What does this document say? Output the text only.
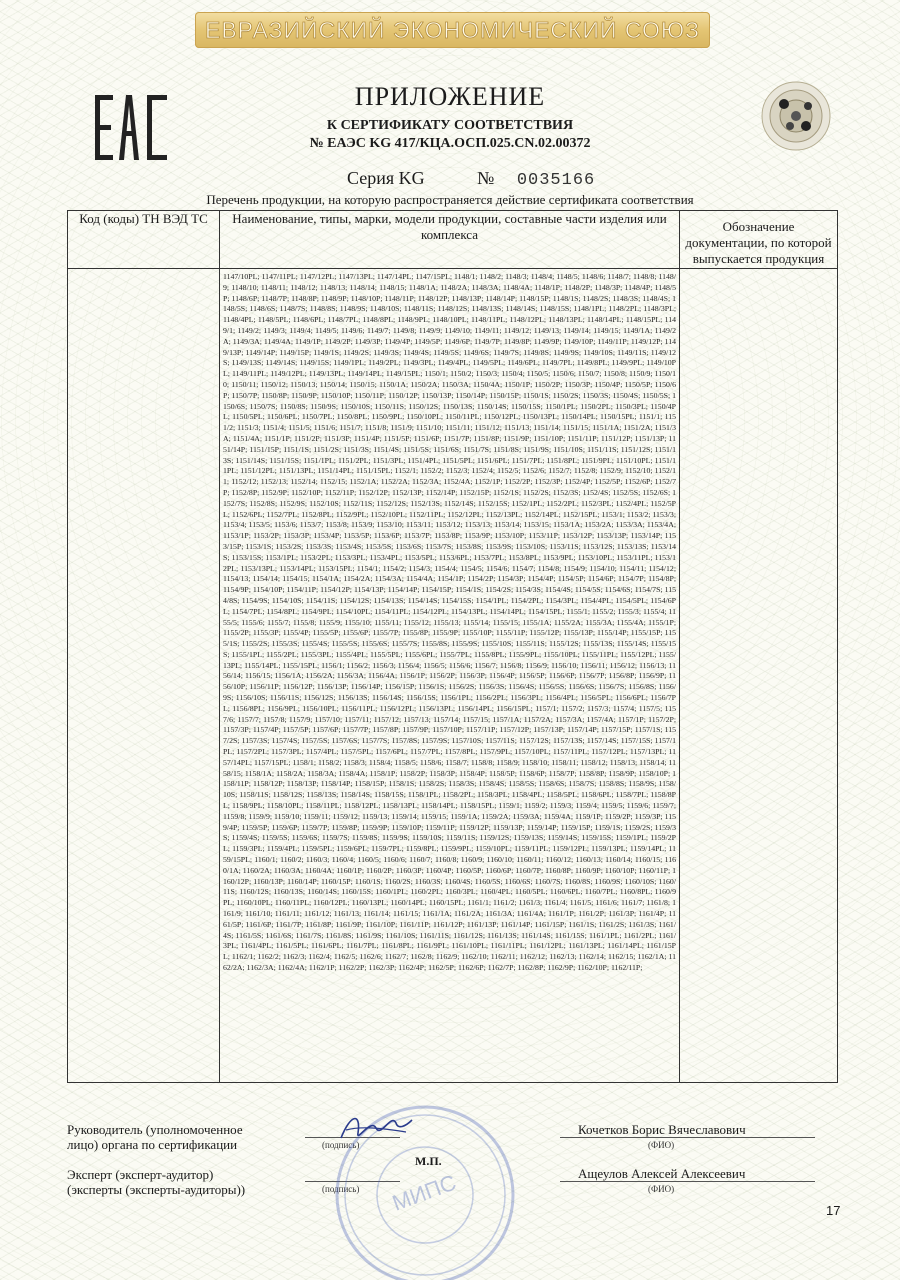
ЕВРАЗИЙСКИЙ ЭКОНОМИЧЕСКИЙ СОЮЗ
ПРИЛОЖЕНИЕ
К СЕРТИФИКАТУ СООТВЕТСТВИЯ
№ ЕАЭС KG 417/КЦА.ОСП.025.CN.02.00372
Серия KG	№ 0035166
Перечень продукции, на которую распространяется действие сертификата соответствия
Код (коды) ТН ВЭД ТС	Наименование, типы, марки, модели продукции, составные части изделия или комплекса	Обозначение документации, по которой выпускается продукция

	1147/10PL; 1147/11PL; 1147/12PL; 1147/13PL; 1147/14PL; 1147/15PL; 1148/1; 1148/2; 1148/3; 1148/4; 1148/5; 1148/6; 1148/7; 1148/8; 1148/9; 1148/10; 1148/11; 1148/12; 1148/13; 1148/14; 1148/15; 1148/1A; 1148/2A; 1148/3A; 1148/4A; 1148/1P; 1148/2P; 1148/3P; 1148/4P; 1148/5P; 1148/6P; 1148/7P; 1148/8P; 1148/9P; 1148/10P; 1148/11P; 1148/12P; 1148/13P; 1148/14P; 1148/15P; 1148/1S; 1148/2S; 1148/3S; 1148/4S; 1148/5S; 1148/6S; 1148/7S; 1148/8S; 1148/9S; 1148/10S; 1148/11S; 1148/12S; 1148/13S; 1148/14S; 1148/15S; 1148/1PL; 1148/2PL; 1148/3PL; 1148/4PL; 1148/5PL; 1148/6PL; 1148/7PL; 1148/8PL; 1148/9PL; 1148/10PL; 1148/11PL; 1148/12PL; 1148/13PL; 1148/14PL; 1148/15PL; 1149/1; 1149/2; 1149/3; 1149/4; 1149/5; 1149/6; 1149/7; 1149/8; 1149/9; 1149/10; 1149/11; 1149/12; 1149/13; 1149/14; 1149/15; 1149/1A; 1149/2A; 1149/3A; 1149/4A; 1149/1P; 1149/2P; 1149/3P; 1149/4P; 1149/5P; 1149/6P; 1149/7P; 1149/8P; 1149/9P; 1149/10P; 1149/11P; 1149/12P; 1149/13P; 1149/14P; 1149/15P; 1149/1S; 1149/2S; 1149/3S; 1149/4S; 1149/5S; 1149/6S; 1149/7S; 1149/8S; 1149/9S; 1149/10S; 1149/11S; 1149/12S; 1149/13S; 1149/14S; 1149/15S; 1149/1PL; 1149/2PL; 1149/3PL; 1149/4PL; 1149/5PL; 1149/6PL; 1149/7PL; 1149/8PL; 1149/9PL; 1149/10PL; 1149/11PL; 1149/12PL; 1149/13PL; 1149/14PL; 1149/15PL; 1150/1; 1150/2; 1150/3; 1150/4; 1150/5; 1150/6; 1150/7; 1150/8; 1150/9; 1150/10; 1150/11; 1150/12; 1150/13; 1150/14; 1150/15; 1150/1A; 1150/2A; 1150/3A; 1150/4A; 1150/1P; 1150/2P; 1150/3P; 1150/4P; 1150/5P; 1150/6P; 1150/7P; 1150/8P; 1150/9P; 1150/10P; 1150/11P; 1150/12P; 1150/13P; 1150/14P; 1150/15P; 1150/1S; 1150/2S; 1150/3S; 1150/4S; 1150/5S; 1150/6S; 1150/7S; 1150/8S; 1150/9S; 1150/10S; 1150/11S; 1150/12S; 1150/13S; 1150/14S; 1150/15S; 1150/1PL; 1150/2PL; 1150/3PL; 1150/4PL; 1150/5PL; 1150/6PL; 1150/7PL; 1150/8PL; 1150/9PL; 1150/10PL; 1150/11PL; 1150/12PL; 1150/13PL; 1150/14PL; 1150/15PL; 1151/1; 1151/2; 1151/3; 1151/4; 1151/5; 1151/6; 1151/7; 1151/8; 1151/9; 1151/10; 1151/11; 1151/12; 1151/13; 1151/14; 1151/15; 1151/1A; 1151/2A; 1151/3A; 1151/4A; 1151/1P; 1151/2P; 1151/3P; 1151/4P; 1151/5P; 1151/6P; 1151/7P; 1151/8P; 1151/9P; 1151/10P; 1151/11P; 1151/12P; 1151/13P; 1151/14P; 1151/15P; 1151/1S; 1151/2S; 1151/3S; 1151/4S; 1151/5S; 1151/6S; 1151/7S; 1151/8S; 1151/9S; 1151/10S; 1151/11S; 1151/12S; 1151/13S; 1151/14S; 1151/15S; 1151/1PL; 1151/2PL; 1151/3PL; 1151/4PL; 1151/5PL; 1151/6PL; 1151/7PL; 1151/8PL; 1151/9PL; 1151/10PL; 1151/11PL; 1151/12PL; 1151/13PL; 1151/14PL; 1151/15PL; 1152/1; 1152/2; 1152/3; 1152/4; 1152/5; 1152/6; 1152/7; 1152/8; 1152/9; 1152/10; 1152/11; 1152/12; 1152/13; 1152/14; 1152/15; 1152/1A; 1152/2A; 1152/3A; 1152/4A; 1152/1P; 1152/2P; 1152/3P; 1152/4P; 1152/5P; 1152/6P; 1152/7P; 1152/8P; 1152/9P; 1152/10P; 1152/11P; 1152/12P; 1152/13P; 1152/14P; 1152/15P; 1152/1S; 1152/2S; 1152/3S; 1152/4S; 1152/5S; 1152/6S; 1152/7S; 1152/8S; 1152/9S; 1152/10S; 1152/11S; 1152/12S; 1152/13S; 1152/14S; 1152/15S; 1152/1PL; 1152/2PL; 1152/3PL; 1152/4PL; 1152/5PL; 1152/6PL; 1152/7PL; 1152/8PL; 1152/9PL; 1152/10PL; 1152/11PL; 1152/12PL; 1152/13PL; 1152/14PL; 1152/15PL; 1153/1; 1153/2; 1153/3; 1153/4; 1153/5; 1153/6; 1153/7; 1153/8; 1153/9; 1153/10; 1153/11; 1153/12; 1153/13; 1153/14; 1153/15; 1153/1A; 1153/2A; 1153/3A; 1153/4A; 1153/1P; 1153/2P; 1153/3P; 1153/4P; 1153/5P; 1153/6P; 1153/7P; 1153/8P; 1153/9P; 1153/10P; 1153/11P; 1153/12P; 1153/13P; 1153/14P; 1153/15P; 1153/1S; 1153/2S; 1153/3S; 1153/4S; 1153/5S; 1153/6S; 1153/7S; 1153/8S; 1153/9S; 1153/10S; 1153/11S; 1153/12S; 1153/13S; 1153/14S; 1153/15S; 1153/1PL; 1153/2PL; 1153/3PL; 1153/4PL; 1153/5PL; 1153/6PL; 1153/7PL; 1153/8PL; 1153/9PL; 1153/10PL; 1153/11PL; 1153/12PL; 1153/13PL; 1153/14PL; 1153/15PL; 1154/1; 1154/2; 1154/3; 1154/4; 1154/5; 1154/6; 1154/7; 1154/8; 1154/9; 1154/10; 1154/11; 1154/12; 1154/13; 1154/14; 1154/15; 1154/1A; 1154/2A; 1154/3A; 1154/4A; 1154/1P; 1154/2P; 1154/3P; 1154/4P; 1154/5P; 1154/6P; 1154/7P; 1154/8P; 1154/9P; 1154/10P; 1154/11P; 1154/12P; 1154/13P; 1154/14P; 1154/15P; 1154/1S; 1154/2S; 1154/3S; 1154/4S; 1154/5S; 1154/6S; 1154/7S; 1154/8S; 1154/9S; 1154/10S; 1154/11S; 1154/12S; 1154/13S; 1154/14S; 1154/15S; 1154/1PL; 1154/2PL; 1154/3PL; 1154/4PL; 1154/5PL; 1154/6PL; 1154/7PL; 1154/8PL; 1154/9PL; 1154/10PL; 1154/11PL; 1154/12PL; 1154/13PL; 1154/14PL; 1154/15PL; 1155/1; 1155/2; 1155/3; 1155/4; 1155/5; 1155/6; 1155/7; 1155/8; 1155/9; 1155/10; 1155/11; 1155/12; 1155/13; 1155/14; 1155/15; 1155/1A; 1155/2A; 1155/3A; 1155/4A; 1155/1P; 1155/2P; 1155/3P; 1155/4P; 1155/5P; 1155/6P; 1155/7P; 1155/8P; 1155/9P; 1155/10P; 1155/11P; 1155/12P; 1155/13P; 1155/14P; 1155/15P; 1155/1S; 1155/2S; 1155/3S; 1155/4S; 1155/5S; 1155/6S; 1155/7S; 1155/8S; 1155/9S; 1155/10S; 1155/11S; 1155/12S; 1155/13S; 1155/14S; 1155/15S; 1155/1PL; 1155/2PL; 1155/3PL; 1155/4PL; 1155/5PL; 1155/6PL; 1155/7PL; 1155/8PL; 1155/9PL; 1155/10PL; 1155/11PL; 1155/12PL; 1155/13PL; 1155/14PL; 1155/15PL; 1156/1; 1156/2; 1156/3; 1156/4; 1156/5; 1156/6; 1156/7; 1156/8; 1156/9; 1156/10; 1156/11; 1156/12; 1156/13; 1156/14; 1156/15; 1156/1A; 1156/2A; 1156/3A; 1156/4A; 1156/1P; 1156/2P; 1156/3P; 1156/4P; 1156/5P; 1156/6P; 1156/7P; 1156/8P; 1156/9P; 1156/10P; 1156/11P; 1156/12P; 1156/13P; 1156/14P; 1156/15P; 1156/1S; 1156/2S; 1156/3S; 1156/4S; 1156/5S; 1156/6S; 1156/7S; 1156/8S; 1156/9S; 1156/10S; 1156/11S; 1156/12S; 1156/13S; 1156/14S; 1156/15S; 1156/1PL; 1156/2PL; 1156/3PL; 1156/4PL; 1156/5PL; 1156/6PL; 1156/7PL; 1156/8PL; 1156/9PL; 1156/10PL; 1156/11PL; 1156/12PL; 1156/13PL; 1156/14PL; 1156/15PL; 1157/1; 1157/2; 1157/3; 1157/4; 1157/5; 1157/6; 1157/7; 1157/8; 1157/9; 1157/10; 1157/11; 1157/12; 1157/13; 1157/14; 1157/15; 1157/1A; 1157/2A; 1157/3A; 1157/4A; 1157/1P; 1157/2P; 1157/3P; 1157/4P; 1157/5P; 1157/6P; 1157/7P; 1157/8P; 1157/9P; 1157/10P; 1157/11P; 1157/12P; 1157/13P; 1157/14P; 1157/15P; 1157/1S; 1157/2S; 1157/3S; 1157/4S; 1157/5S; 1157/6S; 1157/7S; 1157/8S; 1157/9S; 1157/10S; 1157/11S; 1157/12S; 1157/13S; 1157/14S; 1157/15S; 1157/1PL; 1157/2PL; 1157/3PL; 1157/4PL; 1157/5PL; 1157/6PL; 1157/7PL; 1157/8PL; 1157/9PL; 1157/10PL; 1157/11PL; 1157/12PL; 1157/13PL; 1157/14PL; 1157/15PL; 1158/1; 1158/2; 1158/3; 1158/4; 1158/5; 1158/6; 1158/7; 1158/8; 1158/9; 1158/10; 1158/11; 1158/12; 1158/13; 1158/14; 1158/15; 1158/1A; 1158/2A; 1158/3A; 1158/4A; 1158/1P; 1158/2P; 1158/3P; 1158/4P; 1158/5P; 1158/6P; 1158/7P; 1158/8P; 1158/9P; 1158/10P; 1158/11P; 1158/12P; 1158/13P; 1158/14P; 1158/15P; 1158/1S; 1158/2S; 1158/3S; 1158/4S; 1158/5S; 1158/6S; 1158/7S; 1158/8S; 1158/9S; 1158/10S; 1158/11S; 1158/12S; 1158/13S; 1158/14S; 1158/15S; 1158/1PL; 1158/2PL; 1158/3PL; 1158/4PL; 1158/5PL; 1158/6PL; 1158/7PL; 1158/8PL; 1158/9PL; 1158/10PL; 1158/11PL; 1158/12PL; 1158/13PL; 1158/14PL; 1158/15PL; 1159/1; 1159/2; 1159/3; 1159/4; 1159/5; 1159/6; 1159/7; 1159/8; 1159/9; 1159/10; 1159/11; 1159/12; 1159/13; 1159/14; 1159/15; 1159/1A; 1159/2A; 1159/3A; 1159/4A; 1159/1P; 1159/2P; 1159/3P; 1159/4P; 1159/5P; 1159/6P; 1159/7P; 1159/8P; 1159/9P; 1159/10P; 1159/11P; 1159/12P; 1159/13P; 1159/14P; 1159/15P; 1159/1S; 1159/2S; 1159/3S; 1159/4S; 1159/5S; 1159/6S; 1159/7S; 1159/8S; 1159/9S; 1159/10S; 1159/11S; 1159/12S; 1159/13S; 1159/14S; 1159/15S; 1159/1PL; 1159/2PL; 1159/3PL; 1159/4PL; 1159/5PL; 1159/6PL; 1159/7PL; 1159/8PL; 1159/9PL; 1159/10PL; 1159/11PL; 1159/12PL; 1159/13PL; 1159/14PL; 1159/15PL; 1160/1; 1160/2; 1160/3; 1160/4; 1160/5; 1160/6; 1160/7; 1160/8; 1160/9; 1160/10; 1160/11; 1160/12; 1160/13; 1160/14; 1160/15; 1160/1A; 1160/2A; 1160/3A; 1160/4A; 1160/1P; 1160/2P; 1160/3P; 1160/4P; 1160/5P; 1160/6P; 1160/7P; 1160/8P; 1160/9P; 1160/10P; 1160/11P; 1160/12P; 1160/13P; 1160/14P; 1160/15P; 1160/1S; 1160/2S; 1160/3S; 1160/4S; 1160/5S; 1160/6S; 1160/7S; 1160/8S; 1160/9S; 1160/10S; 1160/11S; 1160/12S; 1160/13S; 1160/14S; 1160/15S; 1160/1PL; 1160/2PL; 1160/3PL; 1160/4PL; 1160/5PL; 1160/6PL; 1160/7PL; 1160/8PL; 1160/9PL; 1160/10PL; 1160/11PL; 1160/12PL; 1160/13PL; 1160/14PL; 1160/15PL; 1161/1; 1161/2; 1161/3; 1161/4; 1161/5; 1161/6; 1161/7; 1161/8; 1161/9; 1161/10; 1161/11; 1161/12; 1161/13; 1161/14; 1161/15; 1161/1A; 1161/2A; 1161/3A; 1161/4A; 1161/1P; 1161/2P; 1161/3P; 1161/4P; 1161/5P; 1161/6P; 1161/7P; 1161/8P; 1161/9P; 1161/10P; 1161/11P; 1161/12P; 1161/13P; 1161/14P; 1161/15P; 1161/1S; 1161/2S; 1161/3S; 1161/4S; 1161/5S; 1161/6S; 1161/7S; 1161/8S; 1161/9S; 1161/10S; 1161/11S; 1161/12S; 1161/13S; 1161/14S; 1161/15S; 1161/1PL; 1161/2PL; 1161/3PL; 1161/4PL; 1161/5PL; 1161/6PL; 1161/7PL; 1161/8PL; 1161/9PL; 1161/10PL; 1161/11PL; 1161/12PL; 1161/13PL; 1161/14PL; 1161/15PL; 1162/1; 1162/2; 1162/3; 1162/4; 1162/5; 1162/6; 1162/7; 1162/8; 1162/9; 1162/10; 1162/11; 1162/12; 1162/13; 1162/14; 1162/15; 1162/1A; 1162/2A; 1162/3A; 1162/4A; 1162/1P; 1162/2P; 1162/3P; 1162/4P; 1162/5P; 1162/6P; 1162/7P; 1162/8P; 1162/9P; 1162/10P; 1162/11P;	

Руководитель (уполномоченное
лицо) органа по сертификации	(подпись)
Кочетков Борис Вячеславович
(ФИО)
Эксперт (эксперт-аудитор)
(эксперты (эксперты-аудиторы))	(подпись)
Ащеулов Алексей Алексеевич
(ФИО)
МИПС
М.П.
17
